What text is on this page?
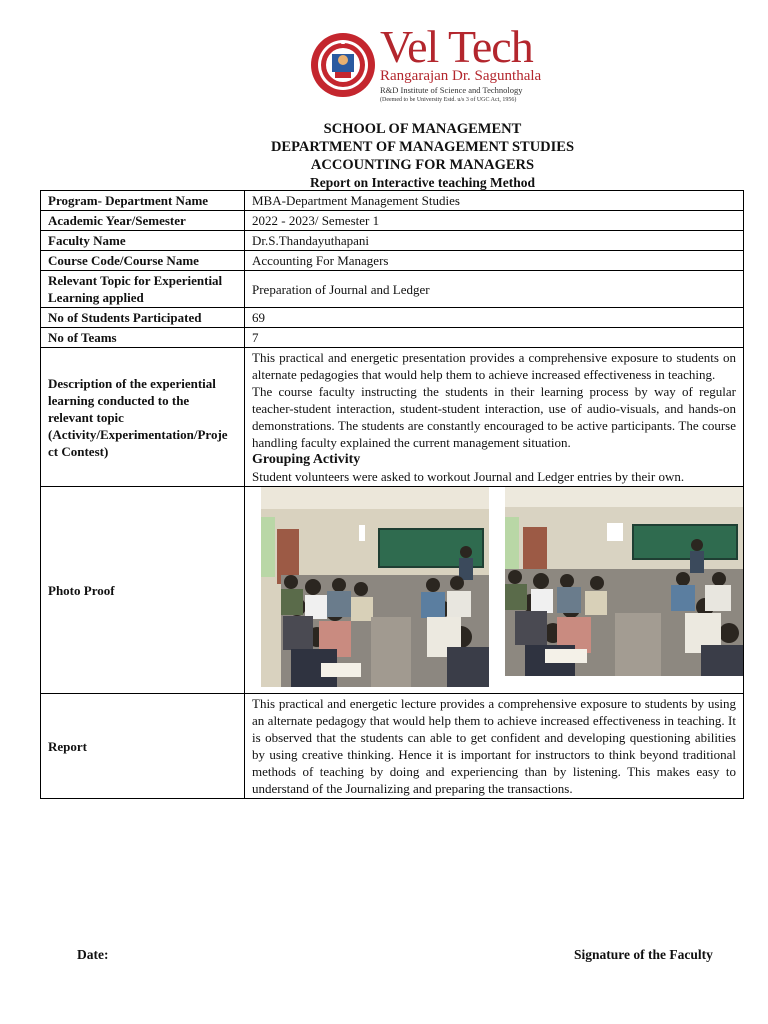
Vel Tech
Rangarajan Dr. Sagunthala
R&D Institute of Science and Technology
(Deemed to be University Estd. u/s 3 of UGC Act, 1956)
SCHOOL OF MANAGEMENT
DEPARTMENT OF MANAGEMENT STUDIES
ACCOUNTING FOR MANAGERS
Report on Interactive teaching Method
Program- Department Name	MBA-Department Management Studies
Academic Year/Semester	2022 - 2023/ Semester 1
Faculty Name	Dr.S.Thandayuthapani
Course Code/Course Name	Accounting For Managers
Relevant Topic for Experiential Learning applied	Preparation of Journal and Ledger
No of Students Participated	69
No of Teams	7
Description of the experiential learning conducted to the relevant topic (Activity/Experimentation/Proje ct Contest)	This practical and energetic presentation provides a comprehensive exposure to students on alternate pedagogies that would help them to achieve increased effectiveness in teaching.

The course faculty instructing the students in their learning process by way of regular teacher-student interaction, student-student interaction, use of audio-visuals, and hands-on demonstrations. The students are constantly encouraged to be active participants. The course handling faculty explained the current management situation.

Grouping Activity

Student volunteers were asked to workout Journal and Ledger entries by their own.

Photo Proof	

Report	This practical and energetic lecture provides a comprehensive exposure to students by using an alternate pedagogy that would help them to achieve increased effectiveness in teaching. It is observed that the students can able to get confident and developing questioning abilities by using creative thinking. Hence it is important for instructors to think beyond traditional methods of teaching by doing and experiencing than by listening. This makes easy to understand of the Journalizing and preparing the transactions.

Date:	Signature of the Faculty
